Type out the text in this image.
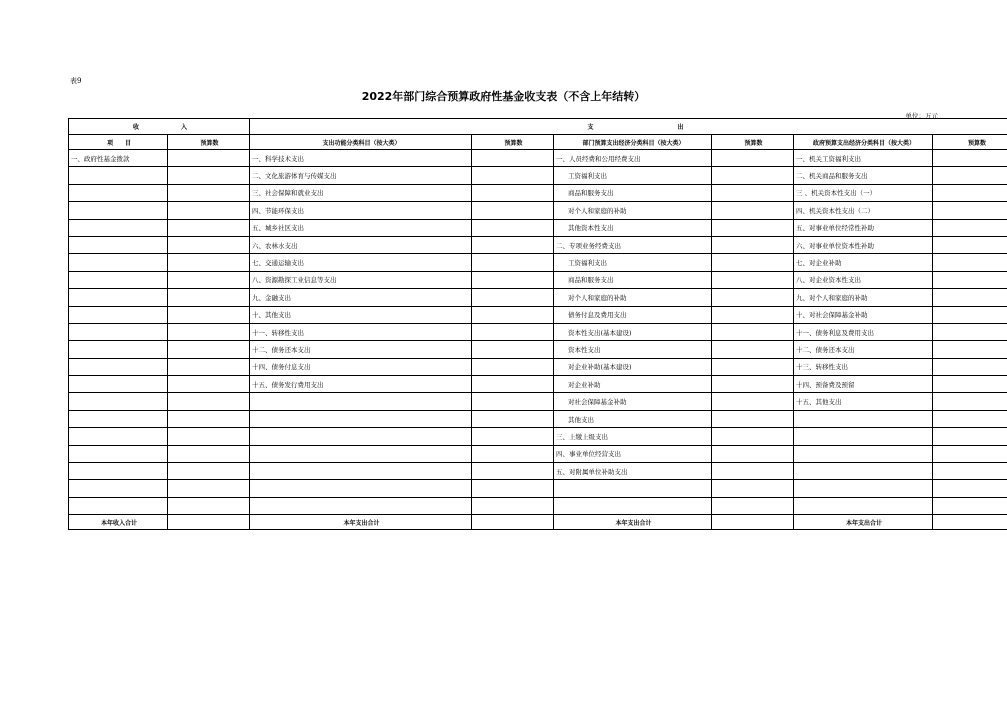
表9
2022年部门综合预算政府性基金收支表（不含上年结转）
单位：万元
收　　　　　　　入		支　　　　　　　　　　　　　　出					
项　　目	预算数	支出功能分类科目（按大类）	预算数	部门预算支出经济分类科目（按大类）	预算数	政府预算支出经济分类科目（按大类）	预算数
一、政府性基金拨款		一、科学技术支出		一、人员经费和公用经费支出		一、机关工资福利支出	
		二、文化旅游体育与传媒支出		工资福利支出		二、机关商品和服务支出	
		三、社会保障和就业支出		商品和服务支出		三 、机关资本性支出（一）	
		四、节能环保支出		对个人和家庭的补助		四、机关资本性支出（二）	
		五、城乡社区支出		其他资本性支出		五、对事业单位经常性补助	
		六、农林水支出		二、专项业务经费支出		六、对事业单位资本性补助	
		七、交通运输支出		工资福利支出		七、对企业补助	
		八、资源勘探工业信息等支出		商品和服务支出		八、对企业资本性支出	
		九、金融支出		对个人和家庭的补助		九、对个人和家庭的补助	
		十、其他支出		债务付息及费用支出		十、对社会保障基金补助	
		十一、转移性支出		资本性支出(基本建设)		十一、债务利息及费用支出	
		十二、债务还本支出		资本性支出		十二、债务还本支出	
		十四、债务付息支出		对企业补助(基本建设)		十三、转移性支出	
		十五、债务发行费用支出		对企业补助		十四、预备费及预留	
				对社会保障基金补助		十五、其他支出	
				其他支出			
				三、上缴上级支出			
				四、事业单位经营支出			
				五、对附属单位补助支出			

本年收入合计		本年支出合计		本年支出合计		本年支出合计	
